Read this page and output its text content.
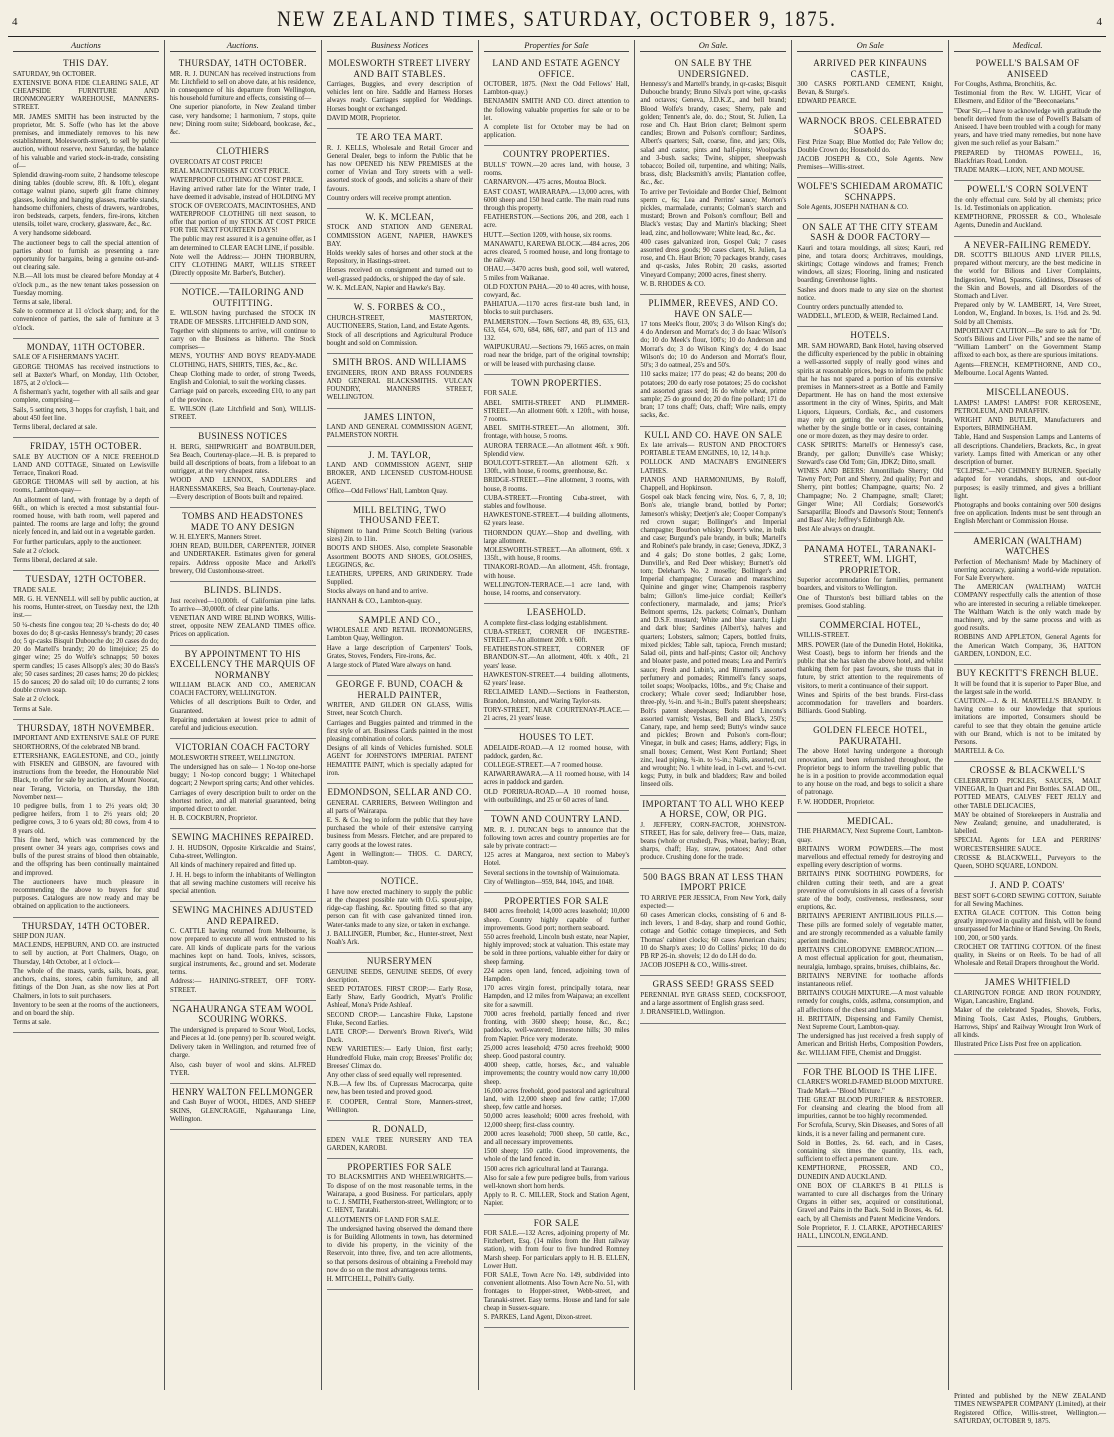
4	NEW ZEALAND TIMES, SATURDAY, OCTOBER 9, 1875.	4
Auctions
THIS DAY.

SATURDAY, 9th OCTOBER.

EXTENSIVE BONA FIDE CLEARING SALE, AT CHEAPSIDE FURNITURE AND IRONMONGERY WAREHOUSE, MANNERS-STREET.

MR. JAMES SMITH has been instructed by the proprietor, Mr. S. Soffe (who has let the above premises, and immediately removes to his new establishment, Molesworth-street), to sell by public auction, without reserve, next Saturday, the balance of his valuable and varied stock-in-trade, consisting of—

Splendid drawing-room suite, 2 handsome telescope dining tables (double screw, 8ft. & 10ft.), elegant cottage walnut piano, superb gilt frame chimney glasses, looking and hanging glasses, marble stands, handsome chiffoniers, chests of drawers, wardrobes, iron bedsteads, carpets, fenders, fire-irons, kitchen utensils, toilet ware, crockery, glassware, &c., &c.

A very handsome sideboard.

The auctioneer begs to call the special attention of parties about to furnish as presenting a rare opportunity for bargains, being a genuine out-and-out clearing sale.

N.B.—All lots must be cleared before Monday at 4 o'clock p.m., as the new tenant takes possession on Tuesday morning.

Terms at sale, liberal.

Sale to commence at 11 o'clock sharp; and, for the convenience of parties, the sale of furniture at 3 o'clock.

MONDAY, 11TH OCTOBER.

SALE OF A FISHERMAN'S YACHT.

GEORGE THOMAS has received instructions to sell at Baxter's Wharf, on Monday, 11th October, 1875, at 2 o'clock—

A fisherman's yacht, together with all sails and gear complete, comprising—

Sails, 5 setting nets, 3 hopps for crayfish, 1 bait, and about 450 feet line.

Terms liberal, declared at sale.

FRIDAY, 15TH OCTOBER.

SALE BY AUCTION OF A NICE FREEHOLD LAND AND COTTAGE, Situated on Lewisville Terrace, Tinakori Road.

GEORGE THOMAS will sell by auction, at his rooms, Lambton-quay—

An allotment of land, with frontage by a depth of 66ft., on which is erected a most substantial four-roomed house, with bath room, well papered and painted. The rooms are large and lofty; the ground nicely fenced in, and laid out in a vegetable garden.

For further particulars, apply to the auctioneer.

Sale at 2 o'clock.

Terms liberal, declared at sale.

TUESDAY, 12TH OCTOBER.

TRADE SALE.

MR. G. H. VENNELL will sell by public auction, at his rooms, Hunter-street, on Tuesday next, the 12th inst.—

50 ¼-chests fine congou tea; 20 ¼-chests do do; 40 boxes do do; 8 qr-casks Hennessy's brandy; 20 cases do; 5 qr-casks Bisquit Dubouche do; 20 cases do do; 20 do Martell's brandy; 20 do limejuice; 25 do ginger wine; 25 do Wolfe's schnapps; 50 boxes sperm candles; 15 cases Allsopp's ales; 30 do Bass's ale; 50 cases sardines; 20 cases hams; 20 do pickles; 15 do sauces; 20 do salad oil; 10 do currants; 2 tons double crown soap.

Sale at 2 o'clock.

Terms at Sale.

THURSDAY, 18TH NOVEMBER.

IMPORTANT AND EXTENSIVE SALE OF PURE SHORTHORNS, Of the celebrated NB brand.

ETTERSHANK, EAGLESTONE, and CO., jointly with FISKEN and GIBSON, are favoured with instructions from the breeder, the Honourable Niel Black, to offer for sale by auction, at Mount Noorat, near Terang, Victoria, on Thursday, the 18th November next—

10 pedigree bulls, from 1 to 2½ years old; 30 pedigree heifers, from 1 to 2½ years old; 20 pedigree cows, 3 to 6 years old; 80 cows, from 4 to 8 years old.

This fine herd, which was commenced by the present owner 34 years ago, comprises cows and bulls of the purest strains of blood then obtainable, and the offspring has been continually maintained and improved.

The auctioneers have much pleasure in recommending the above to buyers for stud purposes. Catalogues are now ready and may be obtained on application to the auctioneers.

THURSDAY, 14TH OCTOBER.

SHIP DON JUAN.

MACLENDS, HEPBURN, AND CO. are instructed to sell by auction, at Port Chalmers, Otago, on Thursday, 14th October, at 1 o'clock—

The whole of the masts, yards, sails, boats, gear, anchors, chains, stores, cabin furniture, and all fittings of the Don Juan, as she now lies at Port Chalmers, in lots to suit purchasers.

Inventory to be seen at the rooms of the auctioneers, and on board the ship.

Terms at sale.

Auctions.
THURSDAY, 14TH OCTOBER.

MR. R. J. DUNCAN has received instructions from Mr. Litchfield to sell on above date, at his residence, in consequence of his departure from Wellington, his household furniture and effects, consisting of—

One superior pianoforte, in New Zealand timber case, very handsome; 1 harmonium, 7 stops, quite new; Dining room suite; Sideboard, bookcase, &c., &c.

CLOTHIERS

OVERCOATS AT COST PRICE!

REAL MACINTOSHES AT COST PRICE.

WATERPROOF CLOTHING AT COST PRICE.

Having arrived rather late for the Winter trade, I have deemed it advisable, instead of HOLDING MY STOCK OF OVERCOATS, MACINTOSHES, AND WATERPROOF CLOTHING till next season, to offer that portion of my STOCK AT COST PRICE FOR THE NEXT FOURTEEN DAYS!

The public may rest assured it is a genuine offer, as I am determined to CLEAR EACH LINE, if possible.

Note well the Address:— JOHN THORBURN, CITY CLOTHING MART, WILLIS STREET (Directly opposite Mr. Barber's, Butcher).

NOTICE.—TAILORING AND OUTFITTING.

E. WILSON having purchased the STOCK IN TRADE OF MESSRS. LITCHFIELD AND SON,

Together with shipments to arrive, will continue to carry on the Business as hitherto. The Stock comprises—

MEN'S, YOUTHS' AND BOYS' READY-MADE CLOTHING, HATS, SHIRTS, TIES, &c., &c.

Cheap Clothing made to order, of strong Tweeds, English and Colonial, to suit the working classes.

Carriage paid on parcels, exceeding £10, to any part of the province.

E. WILSON (Late Litchfield and Son), WILLIS-STREET.

BUSINESS NOTICES

H. BERG, SHIPWRIGHT and BOATBUILDER, Sea Beach, Courtenay-place.—H. B. is prepared to build all descriptions of boats, from a lifeboat to an outrigger, at the very cheapest rates.

WOOD AND LENNOX, SADDLERS and HARNESSMAKERS, Sea Beach, Courtenay-place.—Every description of Boots built and repaired.

TOMBS AND HEADSTONES MADE TO ANY DESIGN

W. H. ELYER'S, Manners Street.

JOHN READ, BUILDER, CARPENTER, JOINER and UNDERTAKER. Estimates given for general repairs. Address opposite Mace and Arkell's brewery, Old Customhouse-street.

BLINDS. BLINDS.

Just received—10,000ft. of Californian pine laths. To arrive—30,000ft. of clear pine laths.

VENETIAN AND WIRE BLIND WORKS, Willis-street, opposite NEW ZEALAND TIMES office. Prices on application.

BY APPOINTMENT TO HIS EXCELLENCY THE MARQUIS OF NORMANBY

WILLIAM BLACK AND CO., AMERICAN COACH FACTORY, WELLINGTON.

Vehicles of all descriptions Built to Order, and Guaranteed.

Repairing undertaken at lowest price to admit of careful and judicious execution.

VICTORIAN COACH FACTORY

MOLESWORTH STREET, WELLINGTON.

The undersigned has on sale— 1 No-top one-horse buggy; 1 No-top concord buggy; 1 Whitechapel dogcart; 2 Newport spring carts; And other vehicles.

Carriages of every description built to order on the shortest notice, and all material guaranteed, being imported direct to order.

H. B. COCKBURN, Proprietor.

SEWING MACHINES REPAIRED.

J. H. HUDSON, Opposite Kirkcaldie and Stains', Cuba-street, Wellington.

All kinds of machinery repaired and fitted up.

J. H. H. begs to inform the inhabitants of Wellington that all sewing machine customers will receive his special attention.

SEWING MACHINES ADJUSTED AND REPAIRED.

C. CATTLE having returned from Melbourne, is now prepared to execute all work entrusted to his care. All kinds of duplicate parts for the various machines kept on hand. Tools, knives, scissors, surgical instruments, &c., ground and set. Moderate terms.

Address:— HAINING-STREET, OFF TORY-STREET.

NGAHAURANGA STEAM WOOL SCOURING WORKS.

The undersigned is prepared to Scour Wool, Locks, and Pieces at 1d. (one penny) per lb. scoured weight.

Delivery taken in Wellington, and returned free of charge.

Also, cash buyer of wool and skins. ALFRED TYER.

HENRY WALTON FELLMONGER

and Cash Buyer of WOOL, HIDES, AND SHEEP SKINS, GLENCRAGIE, Ngahauranga Line, Wellington.

Business Notices
MOLESWORTH STREET LIVERY AND BAIT STABLES.

Carriages, Buggies, and every description of vehicles lent on hire. Saddle and Harness Horses always ready. Carriages supplied for Weddings. Horses bought or exchanged.

DAVID MOIR, Proprietor.

TE ARO TEA MART.

R. J. KELLS, Wholesale and Retail Grocer and General Dealer, begs to inform the Public that he has now OPENED his NEW PREMISES at the corner of Vivian and Tory streets with a well-assorted stock of goods, and solicits a share of their favours.

Country orders will receive prompt attention.

W. K. MCLEAN,

STOCK AND STATION AND GENERAL COMMISSION AGENT, NAPIER, HAWKE'S BAY.

Holds weekly sales of horses and other stock at the Repository, in Hastings-street.

Horses received on consignment and turned out to well-grassed paddocks, or shipped the day of sale.

W. K. McLEAN, Napier and Hawke's Bay.

W. S. FORBES & CO.,

CHURCH-STREET, MASTERTON, AUCTIONEERS, Station, Land, and Estate Agents.

Stock of all descriptions and Agricultural Produce bought and sold on Commission.

SMITH BROS. AND WILLIAMS

ENGINEERS, IRON AND BRASS FOUNDERS AND GENERAL BLACKSMITHS. VULCAN FOUNDRY, MANNERS STREET, WELLINGTON.

JAMES LINTON,

LAND AND GENERAL COMMISSION AGENT, PALMERSTON NORTH.

J. M. TAYLOR,

LAND AND COMMISSION AGENT, SHIP BROKER, AND LICENSED CUSTOM-HOUSE AGENT.

Office—Odd Fellows' Hall, Lambton Quay.

MILL BELTING, TWO THOUSAND FEET.

Shipment to hand Prime Scotch Belting (various sizes) 2in. to 11in.

BOOTS AND SHOES. Also, complete Seasonable Assortment BOOTS AND SHOES, GOLOSHES, LEGGINGS, &c.

LEATHERS, UPPERS, AND GRINDERY. Trade Supplied.

Stocks always on hand and to arrive.

HANNAH & CO., Lambton-quay.

SAMPLE AND CO.,

WHOLESALE AND RETAIL IRONMONGERS, Lambton Quay, Wellington.

Have a large description of Carpenters' Tools, Grates, Stoves, Fenders, Fire-irons, &c.

A large stock of Plated Ware always on hand.

GEORGE F. BUND, COACH & HERALD PAINTER,

WRITER, AND GILDER ON GLASS, Willis Street, near Scotch Church.

Carriages and Buggies painted and trimmed in the first style of art. Business Cards painted in the most pleasing combination of colors.

Designs of all kinds of Vehicles furnished. SOLE AGENT for JOHNSTON'S IMPERIAL PATENT HEMATITE PAINT, which is specially adapted for iron.

EDMONDSON, SELLAR AND CO.

GENERAL CARRIERS, Between Wellington and all parts of Wairarapa.

E. S. & Co. beg to inform the public that they have purchased the whole of their extensive carrying business from Messrs. Fletcher, and are prepared to carry goods at the lowest rates.

Agent in Wellington:— THOS. C. DARCY, Lambton-quay.

NOTICE.

I have now erected machinery to supply the public at the cheapest possible rate with O.G. spout-pipe, ridge-cap flashing, &c. Spouting fitted so that any person can fit with case galvanized tinned iron. Water-tanks made to any size, or taken in exchange.

J. BALLINGER, Plumber, &c., Hunter-street, Next Noah's Ark.

NURSERYMEN

GENUINE SEEDS, GENUINE SEEDS, Of every description.

SEED POTATOES. FIRST CROP:— Early Rose, Early Shaw, Early Goodrich, Myatt's Prolific Ashleaf, Mona's Pride Ashleaf.

SECOND CROP:— Lancashire Fluke, Lapstone Fluke, Second Earlies.

LATE CROP:— Derwent's Brown River's, Wild Duck.

NEW VARIETIES:— Early Union, first early; Hundredfold Fluke, main crop; Breeses' Prolific do; Breeses' Climax do.

Any other class of seed equally well represented.

N.B.—A few lbs. of Cupressus Macrocarpa, quite new, has been tested and proved good.

F. COOPER, Central Store, Manners-street, Wellington.

R. DONALD,

EDEN VALE TREE NURSERY AND TEA GARDEN, KAROBI.

PROPERTIES FOR SALE

TO BLACKSMITHS AND WHEELWRIGHTS.—To dispose of on the most reasonable terms, in the Wairarapa, a good Business. For particulars, apply to C. J. SMITH, Featherston-street, Wellington; or to C. HENT, Taratahi.

ALLOTMENTS OF LAND FOR SALE.

The undersigned having observed the demand there is for Building Allotments in town, has determined to divide his property, in the vicinity of the Reservoir, into three, five, and ten acre allotments, so that persons desirous of obtaining a Freehold may now do so on the most advantageous terms.

H. MITCHELL, Polhill's Gully.

Properties for Sale
LAND AND ESTATE AGENCY OFFICE.

OCTOBER, 1875. (Next the Odd Fellows' Hall, Lambton-quay.)

BENJAMIN SMITH AND CO. direct attention to the following valuable properties for sale or to be let.

A complete list for October may be had on application.

COUNTRY PROPERTIES.

BULLS' TOWN.—20 acres land, with house, 3 rooms.

CARNARVON.—475 acres, Moutoa Block.

EAST COAST, WAIRARAPA.—13,000 acres, with 6000 sheep and 150 head cattle. The main road runs through this property.

FEATHERSTON.—Sections 206, and 208, each 1 acre.

HUTT.—Section 1209, with house, six rooms.

MANAWATU, KAREWA BLOCK.—484 acres, 206 acres cleared, 5 roomed house, and long frontage to the railway.

OHAU.—3470 acres bush, good soil, well watered, 5 miles from Waikanae.

OLD FOXTON PAHA.—20 to 40 acres, with house, cowyard, &c.

PAHIATUA.—1170 acres first-rate bush land, in blocks to suit purchasers.

PALMERSTON.—Town Sections 48, 89, 635, 613, 633, 654, 670, 684, 686, 687, and part of 113 and 132.

WAIPUKURAU.—Sections 79, 1665 acres, on main road near the bridge, part of the original township; or will be leased with purchasing clause.

TOWN PROPERTIES.

FOR SALE.

ABEL SMITH-STREET AND PLIMMER-STREET.—An allotment 60ft. x 120ft., with house, 7 rooms.

ABEL SMITH-STREET.—An allotment, 30ft. frontage, with house, 5 rooms.

AURORA TERRACE.—An allotment 46ft. x 90ft. Splendid view.

BOULCOTT-STREET.—An allotment 62ft. x 130ft., with house, 6 rooms, greenhouse, &c.

BRIDGE-STREET.—Fine allotment, 3 rooms, with house, 8 rooms.

CUBA-STREET.—Fronting Cuba-street, with stables and fowlhouse.

HAWKESTONE-STREET.—4 building allotments, 62 years lease.

THORNDON QUAY.—Shop and dwelling, with large allotment.

MOLESWORTH-STREET.—An allotment, 69ft. x 135ft., with house, 8 rooms.

TINAKORI-ROAD.—An allotment, 45ft. frontage, with house.

WELLINGTON-TERRACE.—1 acre land, with house, 14 rooms, and conservatory.

LEASEHOLD.

A complete first-class lodging establishment.

CUBA-STREET, CORNER OF INGESTRE-STREET.—An allotment 20ft. x 60ft.

FEATHERSTON-STREET, CORNER OF BRANDON-ST.—An allotment, 40ft. x 40ft., 21 years' lease.

HAWKESTON-STREET.—4 building allotments, 62 years' lease.

RECLAIMED LAND.—Sections in Featherston, Brandon, Johnston, and Waring Taylor-sts.

TORY-STREET, NEAR COURTENAY-PLACE.—21 acres, 21 years' lease.

HOUSES TO LET.

ADELAIDE-ROAD.—A 12 roomed house, with paddock, garden, &c.

COLLEGE-STREET.—A 7 roomed house.

KAIWARRAWARA.—A 11 roomed house, with 14 acres in paddock and garden.

OLD PORIRUA-ROAD.—A 10 roomed house, with outbuildings, and 25 or 60 acres of land.

TOWN AND COUNTRY LAND.

MR. R. J. DUNCAN begs to announce that the following town acres and country properties are for sale by private contract:—

125 acres at Mangaroa, next section to Mabey's Hotel.

Several sections in the township of Wainuiomata.

City of Wellington—959, 844, 1045, and 1048.

PROPERTIES FOR SALE

8400 acres freehold; 14,000 acres leasehold; 10,000 sheep. Country highly capable of further improvements. Good port; northern seaboard.

550 acres freehold, Lincoln bush estate, near Napier, highly improved; stock at valuation. This estate may be sold in three portions, valuable either for dairy or sheep farming.

224 acres open land, fenced, adjoining town of Hampden.

170 acres virgin forest, principally totara, near Hampden, and 12 miles from Waipawa; an excellent site for a sawmill.

7000 acres freehold, partially fenced and river fronting, with 3600 sheep; house, &c., &c.; paddocks, well-watered; limestone hills; 30 miles from Napier. Price very moderate.

25,000 acres leasehold; 4750 acres freehold; 9000 sheep. Good pastoral country.

4000 sheep, cattle, horses, &c., and valuable improvements; the country would now carry 10,000 sheep.

16,000 acres freehold, good pastoral and agricultural land, with 12,000 sheep and few cattle; 17,000 sheep, few cattle and horses.

50,000 acres leasehold; 6000 acres freehold, with 12,000 sheep; first-class country.

2000 acres leasehold; 7000 sheep, 50 cattle, &c., and all necessary improvements.

1500 sheep; 150 cattle. Good improvements, the whole of the land fenced in.

1500 acres rich agricultural land at Tauranga.

Also for sale a few pure pedigree bulls, from various well-known short horn herds.

Apply to R. C. MILLER, Stock and Station Agent, Napier.

FOR SALE

FOR SALE.—132 Acres, adjoining property of Mr. Fitzherbert, Esq. (14 miles from the Hutt railway station), with from four to five hundred Romney Marsh sheep. For particulars apply to H. B. ELLEN, Lower Hutt.

FOR SALE, Town Acre No. 149, subdivided into convenient allotments. Also Town Acre No. 51, with frontages to Hopper-street, Webb-street, and Taranaki-street. Easy terms. House and land for sale cheap in Sussex-square.

S. PARKES, Land Agent, Dixon-street.

On Sale.
ON SALE BY THE UNDERSIGNED.

Hennessy's and Martell's brandy, in qr-casks; Bisquit Dubouche brandy; Bruno Silva's port wine, qr-casks and octaves; Geneva, J.D.K.Z., and bell brand; Blood Wolfe's brandy, cases; Sherry, pale and golden; Tennent's ale, do. do.; Stout, St. Julien, La rose and Ch. Haut Brion claret; Belmont sperm candles; Brown and Polson's cornflour; Sardines, Albert's quarters; Salt, coarse, fine, and jars; Oils, salad and castor, pints and half-pints; Woolpacks and 3-bush. sacks; Twine, shipper, sheepwash tobacco; Boiled oil, turpentine, and whiting; Nails, brass, dish; Blacksmith's anvils; Plantation coffee, &c., &c.

To arrive per Tevioidale and Border Chief, Belmont sperm c, 6s; Lea and Perrins' sauce; Morton's pickles, marmalade, currants; Colman's starch and mustard; Brown and Polson's cornflour; Bell and Black's vestas; Day and Martin's blacking; Sheet lead, zinc, and hollowware; White lead, &c., &c.

400 cases galvanized iron, Gospel Oak; 7 cases assorted dress goods; 90 cases claret, St. Julien, La rose, and Ch. Haut Brion; 70 packages brandy, cases and qr-casks, Jules Robin; 20 casks, assorted Vineyard Company; 2000 acres, finest sherry.

W. B. RHODES & CO.

PLIMMER, REEVES, AND CO. HAVE ON SALE—

17 tons Meek's flour, 200's; 3 do Wilson King's do; 4 do Anderson and Morrat's do; 3 do Isaac Wilson's do; 10 do Meek's flour, 100's; 10 do Anderson and Morrat's do; 3 do Wilson King's do; 4 do Isaac Wilson's do; 10 do Anderson and Morrat's flour, 50's; 3 do oatmeal, 25's and 50's.

110 sacks maize; 177 do peas; 42 do beans; 200 do potatoes; 200 do early rose potatoes; 25 do cockshot and assorted grass seed; 16 do whole wheat, prime sample; 25 do ground do; 20 do fine pollard; 171 do bran; 17 tons chaff; Oats, chaff; Wire nails, empty sacks, &c.

KULL AND CO. HAVE ON SALE

Ex late arrivals— RUSTON AND PROCTOR'S PORTABLE TEAM ENGINES, 10, 12, 14 h.p.

POLLOCK AND MACNAB'S ENGINEER'S LATHES.

PIANOS AND HARMONIUMS, By Roloff, Chappell, and Hopkinson.

Gospel oak black fencing wire, Nos. 6, 7, 8, 10; Bon's ale, triangle brand, bottled by Porter; Jameson's whisky; Deetjen's ale; Cooper Company's red crown sugar; Bollinger's and Imperial champagne; Bourbon whisky; Doerr's wine, in bulk and case; Burgund's pale brandy, in bulk; Martell's and Robinet's pale brandy, in case; Geneva, JDKZ, 3 and 4 gals; Do stone bottles, 2 gals; Lorne, Dunville's, and Red Deer whiskey; Burnett's old tom; Delehart's No. 2 moselle; Bollinger's and Imperial champagne; Curacao and maraschino; Quinine and ginger wine; Champenois raspberry balm; Gillon's lime-juice cordial; Keiller's confectionery, marmalade, and jams; Price's Belmont sperms, 12s. packets; Colman's, Dunham and D.S.F. mustard; White and blue starch; Light and dark blue; Sardines (Albert's), halves and quarters; Lobsters, salmon; Capers, bottled fruits, mixed pickles; Table salt, tapioca, French mustard; Salad oil, pints and half-pints; Castor oil; Anchovy and bloater paste, and potted meats; Lea and Perrin's sauce; Fresh and Lubin's, and Rimmell's assorted perfumery and pomades; Rimmell's fancy soaps, toilet soaps; Woolpacks, 10lbs., and 9's; Chaise and crockery; Whale cover seed; Indiarubber hose, three-ply, ½-in. and ¾-in.; Bull's patent sheepshears; Bolt's patent sheepshears; Bolts and Lincons's assorted varnish; Vestas, Bell and Black's, 250's; Canary, rape, and hemp seed; Butty's windw sauce and pickles; Brown and Polson's corn-flour; Vinegar, in bulk and cases; Hams, addlery; Figs, in small boxes; Cement, West Kent Portland; Sheet zinc, lead piping, ¾-in. to ½-in.; Nails, assorted, cut and wrought; No. 1 white lead, in 1-cwt. and ½-cwt. kegs; Putty, in bulk and bladders; Raw and boiled linseed oils.

IMPORTANT TO ALL WHO KEEP A HORSE, COW, OR PIG.

J. JEFFERY, CORN-FACTOR, JOHNSTON-STREET, Has for sale, delivery free— Oats, maize, beans (whole or crushed), Peas, wheat, barley; Bran, sharps, chaff; Hay, straw, potatoes; And other produce. Crushing done for the trade.

500 BAGS BRAN AT LESS THAN IMPORT PRICE

TO ARRIVE PER JESSICA, From New York, daily expected:—

60 cases American clocks, consisting of 6 and 8-inch levers, 1 and 8-day, sharp and round Gothic, cottage and Gothic cottage timepieces, and Seth Thomas' cabinet clocks; 60 cases American chairs; 10 do Sharp's axes; 10 do Collins' picks; 10 do do PB RP 26-in. shovels; 12 do do LH do do.

JACOB JOSEPH & CO., Willis-street.

GRASS SEED! GRASS SEED

PERENNIAL RYE GRASS SEED, COCKSFOOT, and a large assortment of English grass seed.

J. DRANSFIELD, Wellington.

On Sale
ARRIVED PER KINFAUNS CASTLE,

300 CASKS PORTLAND CEMENT, Knight, Bevan, & Sturge's.

EDWARD PEARCE.

WARNOCK BROS. CELEBRATED SOAPS.

First Prize Soap; Blue Mottled do; Pale Yellow do; Double Crown do; Household do.

JACOB JOSEPH & CO., Sole Agents. New Premises—Willis-street.

WOLFE'S SCHIEDAM AROMATIC SCHNAPPS.

Sole Agents, JOSEPH NATHAN & CO.

ON SALE AT THE CITY STEAM SASH & DOOR FACTORY—

Kauri and totara mouldings, all sizes; Kauri, red pine, and totara doors; Architraves, mouldings, skirtings; Cottage windows and frames; French windows, all sizes; Flooring, lining and rusticated boarding; Greenhouse lights.

Sashes and doors made to any size on the shortest notice.

Country orders punctually attended to.

WADDELL, M'LEOD, & WEIR, Reclaimed Land.

HOTELS.

MR. SAM HOWARD, Bank Hotel, having observed the difficulty experienced by the public in obtaining a well-assorted supply of really good wines and spirits at reasonable prices, begs to inform the public that he has not spared a portion of his extensive premises in Manners-street as a Bottle and Family Department. He has on hand the most extensive assortment in the city of Wines, Spirits, and Malt Liquors, Liqueurs, Cordials, &c., and customers may rely on getting the very choicest brands, whether by the single bottle or in cases, containing one or more dozen, as they may desire to order.

CASK SPIRITS: Martell's or Hennessy's case, Brandy, per gallon; Dunville's case Whisky; Steward's case Old Tom; Gin, JDKZ; Ditto, small.

WINES AND BEERS: Amontillado Sherry; Old Tawny Port; Port and Sherry, 2nd quality; Port and Sherry, pint bottles; Champagne, quarts; No. 2 Champagne; No. 2 Champagne, small; Claret; Ginger Wine; All Cordials; Gorsework's Sarsaparilla; Blood's and Dawson's Stout; Tennent's and Bass' Ale; Jeffrey's Edinburgh Ale.

Best Ale always on draught.

PANAMA HOTEL, TARANAKI-STREET, WM. LIGHT, PROPRIETOR.

Superior accommodation for families, permanent boarders, and visitors to Wellington.

One of Thurston's best billiard tables on the premises. Good stabling.

COMMERCIAL HOTEL,

WILLIS-STREET.

MRS. POWER (late of the Dunedin Hotel, Hokitika, West Coast), begs to inform her friends and the public that she has taken the above hotel, and whilst thanking them for past favours, she trusts that in future, by strict attention to the requirements of visitors, to merit a continuance of their support.

Wines and Spirits of the best brands. First-class accommodation for travellers and boarders. Billiards. Good Stabling.

GOLDEN FLEECE HOTEL, PAKURATAHI.

The above Hotel having undergone a thorough renovation, and been refurnished throughout, the Proprietor begs to inform the travelling public that he is in a position to provide accommodation equal to any house on the road, and begs to solicit a share of patronage.

F. W. HODDER, Proprietor.

MEDICAL.

THE PHARMACY, Next Supreme Court, Lambton-quay.

BRITAIN'S WORM POWDERS.—The most marvellous and effectual remedy for destroying and expelling every description of worms.

BRITAIN'S PINK SOOTHING POWDERS, for children cutting their teeth, and are a great preventive of convulsions in all cases of a feverish state of the body, costiveness, restlessness, sour eruptions, &c.

BRITAIN'S APERIENT ANTIBILIOUS PILLS.—These pills are formed solely of vegetable matter, and are strongly recommended as a valuable family aperient medicine.

BRITAIN'S CHLORODYNE EMBROCATION.—A most effectual application for gout, rheumatism, neuralgia, lumbago, sprains, bruises, chilblains, &c.

BRITAIN'S NERVINE for toothache affords instantaneous relief.

BRITAIN'S COUGH MIXTURE.—A most valuable remedy for coughs, colds, asthma, consumption, and all affections of the chest and lungs.

H. BRITTAIN, Dispensing and Family Chemist, Next Supreme Court, Lambton-quay.

The undersigned has just received a fresh supply of American and British Herbs, Composition Powders, &c. WILLIAM FIFE, Chemist and Druggist.

FOR THE BLOOD IS THE LIFE.

CLARKE'S WORLD-FAMED BLOOD MIXTURE. Trade Mark—"Blood Mixture."

THE GREAT BLOOD PURIFIER & RESTORER. For cleansing and clearing the blood from all impurities, cannot be too highly recommended.

For Scrofula, Scurvy, Skin Diseases, and Sores of all kinds, it is a never failing and permanent cure.

Sold in Bottles, 2s. 6d. each, and in Cases, containing six times the quantity, 11s. each, sufficient to effect a permanent cure.

KEMPTHORNE, PROSSER, AND CO., DUNEDIN AND AUCKLAND.

ONE BOX OF CLARKE'S B 41 PILLS is warranted to cure all discharges from the Urinary Organs in either sex, acquired or constitutional, Gravel and Pains in the Back. Sold in Boxes, 4s. 6d. each, by all Chemists and Patent Medicine Vendors.

Sole Proprietor, F. J. CLARKE, APOTHECARIES' HALL, LINCOLN, ENGLAND.

Medical.
POWELL'S BALSAM OF ANISEED

For Coughs, Asthma, Bronchitis, &c.

Testimonial from the Rev. W. LIGHT, Vicar of Ellesmere, and Editor of the "Beeconaeians."

"Dear Sir,—I have to acknowledge with gratitude the benefit derived from the use of Powell's Balsam of Aniseed. I have been troubled with a cough for many years, and have tried many remedies, but none have given me such relief as your Balsam."

PREPARED by THOMAS POWELL, 16, Blackfriars Road, London.

TRADE MARK—LION, NET, AND MOUSE.

POWELL'S CORN SOLVENT

the only effectual cure. Sold by all chemists; price 1s. 1d. Testimonials on application.

KEMPTHORNE, PROSSER & CO., Wholesale Agents, Dunedin and Auckland.

A NEVER-FAILING REMEDY.

DR. SCOTT'S BILIOUS AND LIVER PILLS, prepared without mercury, are the best medicine in the world for Bilious and Liver Complaints, Indigestion, Wind, Spasms, Giddiness, Diseases of the Skin and Bowels, and all Disorders of the Stomach and Liver.

Prepared only by W. LAMBERT, 14, Vere Street, London, W., England. In boxes, 1s. 1½d. and 2s. 9d. Sold by all Chemists.

IMPORTANT CAUTION.—Be sure to ask for "Dr. Scott's Bilious and Liver Pills," and see the name of "William Lambert" on the Government Stamp affixed to each box, as there are spurious imitations.

Agents—FRENCH, KEMPTHORNE, AND CO., Melbourne. Local Agents Wanted.

MISCELLANEOUS.

LAMPS! LAMPS! LAMPS! FOR KEROSENE, PETROLEUM, AND PARAFFIN.

WRIGHT AND BUTLER, Manufacturers and Exporters, BIRMINGHAM.

Table, Hand and Suspension Lamps and Lanterns of all descriptions. Chandeliers, Brackets, &c., in great variety. Lamps fitted with American or any other description of burner.

"ECLIPSE."—NO CHIMNEY BURNER. Specially adapted for verandahs, shops, and out-door purposes; is easily trimmed, and gives a brilliant light.

Photographs and books containing over 500 designs free on application. Indents must be sent through an English Merchant or Commission House.

AMERICAN (WALTHAM) WATCHES

Perfection of Mechanism! Made by Machinery of unerring accuracy, gaining a world-wide reputation. For Sale Everywhere.

The AMERICAN (WALTHAM) WATCH COMPANY respectfully calls the attention of those who are interested in securing a reliable timekeeper. The Waltham Watch is the only watch made by machinery, and by the same process and with as good results.

ROBBINS AND APPLETON, General Agents for the American Watch Company, 36, HATTON GARDEN, LONDON, E.C.

BUY KECKITT'S FRENCH BLUE.

It will be found that it is superior to Paper Blue, and the largest sale in the world.

CAUTION.—J. & H. MARTELL'S BRANDY. It having come to our knowledge that spurious imitations are imported, Consumers should be careful to see that they obtain the genuine article with our Brand, which is not to be imitated by Persons.

MARTELL & Co.

CROSSE & BLACKWELL'S

CELEBRATED PICKLES, SAUCES, MALT VINEGAR, In Quart and Pint Bottles. SALAD OIL, POTTED MEATS, CALVES' FEET JELLY and other TABLE DELICACIES,

MAY be obtained of Storekeepers in Australia and New Zealand; genuine, and unadulterated, is labelled.

SPECIAL Agents for LEA and PERRINS' WORCESTERSHIRE SAUCE.

CROSSE & BLACKWELL, Purveyors to the Queen, SOHO SQUARE, LONDON.

J. AND P. COATS'

BEST SOFT 6-CORD SEWING COTTON, Suitable for all Sewing Machines.

EXTRA GLACE COTTON. This Cotton being greatly improved in quality and finish, will be found unsurpassed for Machine or Hand Sewing. On Reels, 100, 200, or 500 yards.

CROCHET OR TATTING COTTON. Of the finest quality, in Skeins or on Reels. To be had of all Wholesale and Retail Drapers throughout the World.

JAMES WHITFIELD

CLARINGTON FORGE AND IRON FOUNDRY, Wigan, Lancashire, England.

Maker of the celebrated Spades, Shovels, Forks, Mining Tools, Cast Axles, Ploughs, Grubbers, Harrows, Ships' and Railway Wrought Iron Work of all kinds.

Illustrated Price Lists Post free on application.

Printed and published by the NEW ZEALAND TIMES NEWSPAPER COMPANY (Limited), at their Registered Office, Willis-street, Wellington.—SATURDAY, OCTOBER 9, 1875.
